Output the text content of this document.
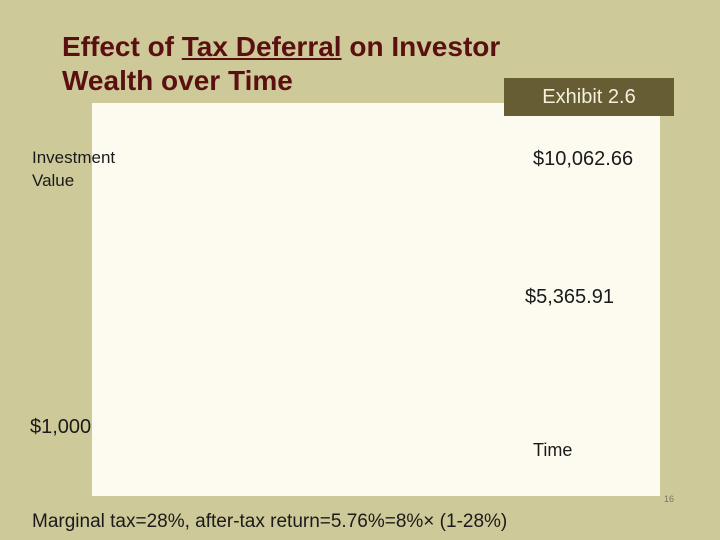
Effect of Tax Deferral on Investor
Wealth over Time
Exhibit 2.6
Investment Value
$10,062.66
$5,365.91
$1,000
Time
16
Marginal tax=28%, after-tax return=5.76%=8%× (1-28%)
